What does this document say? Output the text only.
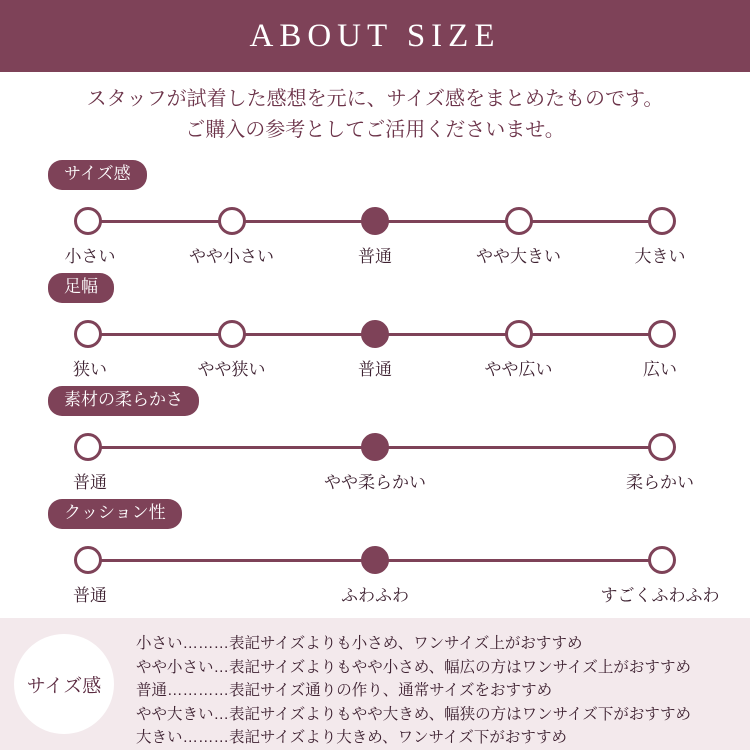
ABOUT SIZE
スタッフが試着した感想を元に、サイズ感をまとめたものです。
ご購入の参考としてご活用くださいませ。
サイズ感
小さい	やや小さい	普通	やや大きい	大きい
足幅
狭い	やや狭い	普通	やや広い	広い
素材の柔らかさ
普通	やや柔らかい	柔らかい
クッション性
普通	ふわふわ	すごくふわふわ
サイズ感
小さい………表記サイズよりも小さめ、ワンサイズ上がおすすめ
やや小さい…表記サイズよりもやや小さめ、幅広の方はワンサイズ上がおすすめ
普通…………表記サイズ通りの作り、通常サイズをおすすめ
やや大きい…表記サイズよりもやや大きめ、幅狭の方はワンサイズ下がおすすめ
大きい………表記サイズより大きめ、ワンサイズ下がおすすめ
